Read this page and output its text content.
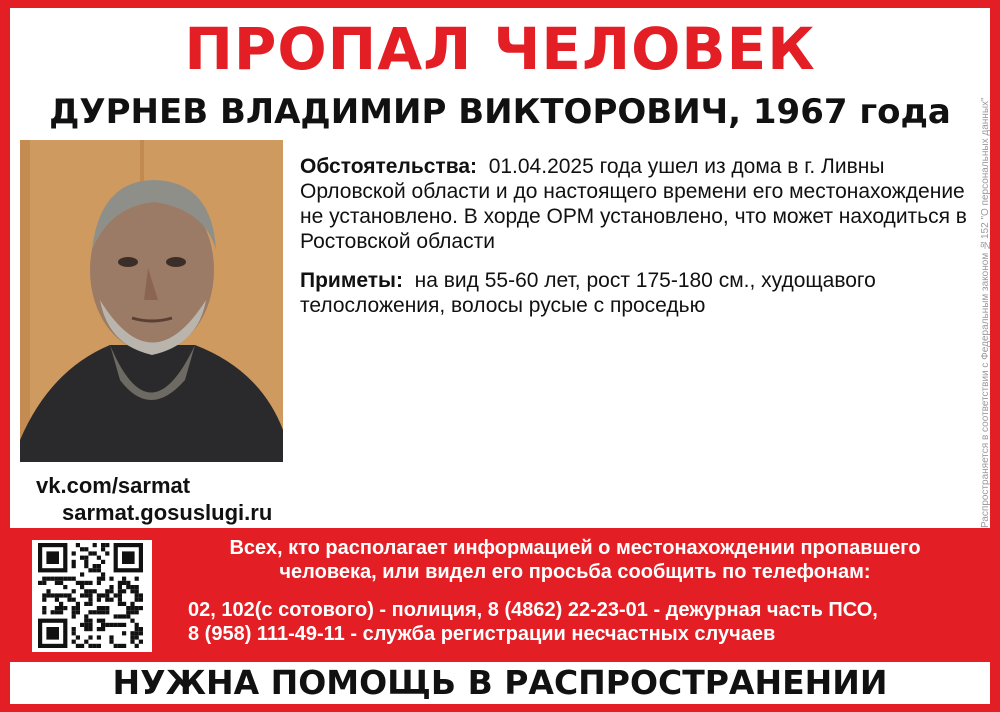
ПРОПАЛ ЧЕЛОВЕК
ДУРНЕВ ВЛАДИМИР ВИКТОРОВИЧ, 1967 года
vk.com/sarmat
sarmat.gosuslugi.ru

Обстоятельства: 01.04.2025 года ушел из дома в г. Ливны Орловской области и до настоящего времени его местонахождение не установлено. В хорде ОРМ установлено, что может находиться в Ростовской области

Приметы: на вид 55-60 лет, рост 175-180 см., худощавого телосложения, волосы русые с проседью	Распространяется в соответствии с Федеральным законом №152 "О персональных данных"
Всех, кто располагает информацией о местонахождении пропавшего человека, или видел его просьба сообщить по телефонам:
02, 102(с сотового) - полиция, 8 (4862) 22-23-01 - дежурная часть ПСО,
8 (958) 111-49-11 - служба регистрации несчастных случаев
НУЖНА ПОМОЩЬ В РАСПРОСТРАНЕНИИ
